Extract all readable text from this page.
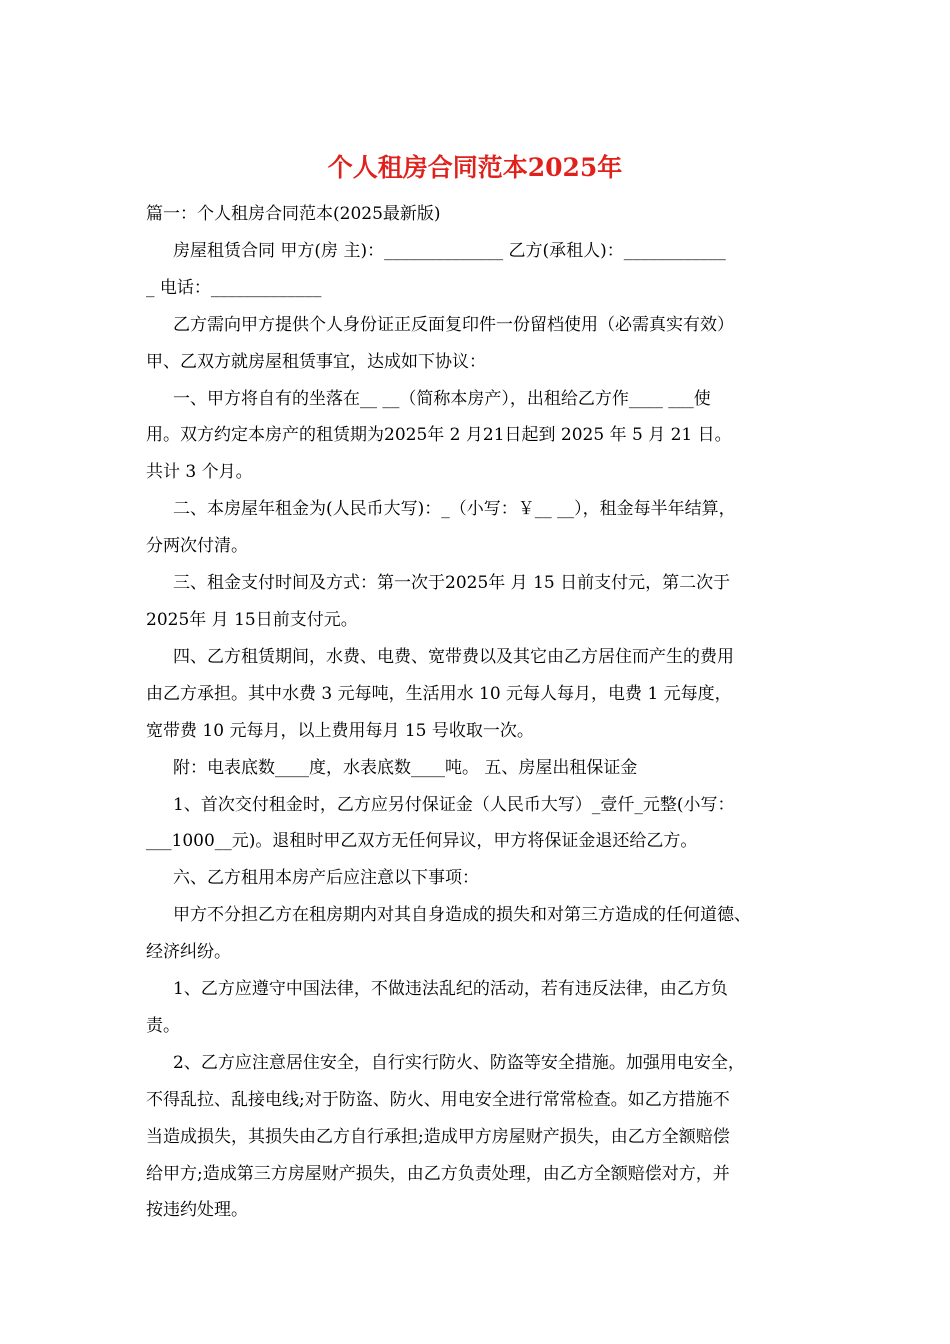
个人租房合同范本2025年
篇一：个人租房合同范本(2025最新版)
房屋租赁合同 甲方(房 主)：______________ 乙方(承租人)：____________
_ 电话：_____________
乙方需向甲方提供个人身份证正反面复印件一份留档使用（必需真实有效）
甲、乙双方就房屋租赁事宜，达成如下协议：
一、甲方将自有的坐落在__ __（简称本房产），出租给乙方作____ ___使
用。双方约定本房产的租赁期为2025年 2 月21日起到 2025 年 5 月 21 日。
共计 3 个月。
二、本房屋年租金为(人民币大写)：_（小写：￥__ __），租金每半年结算，
分两次付清。
三、租金支付时间及方式：第一次于2025年 月 15 日前支付元，第二次于
2025年 月 15日前支付元。
四、乙方租赁期间，水费、电费、宽带费以及其它由乙方居住而产生的费用
由乙方承担。其中水费 3 元每吨，生活用水 10 元每人每月，电费 1 元每度，
宽带费 10 元每月，以上费用每月 15 号收取一次。
附：电表底数____度，水表底数____吨。 五、房屋出租保证金
1、首次交付租金时，乙方应另付保证金（人民币大写）_壹仟_元整(小写：
___1000__元)。退租时甲乙双方无任何异议，甲方将保证金退还给乙方。
六、乙方租用本房产后应注意以下事项：
甲方不分担乙方在租房期内对其自身造成的损失和对第三方造成的任何道德、
经济纠纷。
1、乙方应遵守中国法律，不做违法乱纪的活动，若有违反法律，由乙方负
责。
2、乙方应注意居住安全，自行实行防火、防盗等安全措施。加强用电安全，
不得乱拉、乱接电线;对于防盗、防火、用电安全进行常常检查。如乙方措施不
当造成损失，其损失由乙方自行承担;造成甲方房屋财产损失，由乙方全额赔偿
给甲方;造成第三方房屋财产损失，由乙方负责处理，由乙方全额赔偿对方，并
按违约处理。
